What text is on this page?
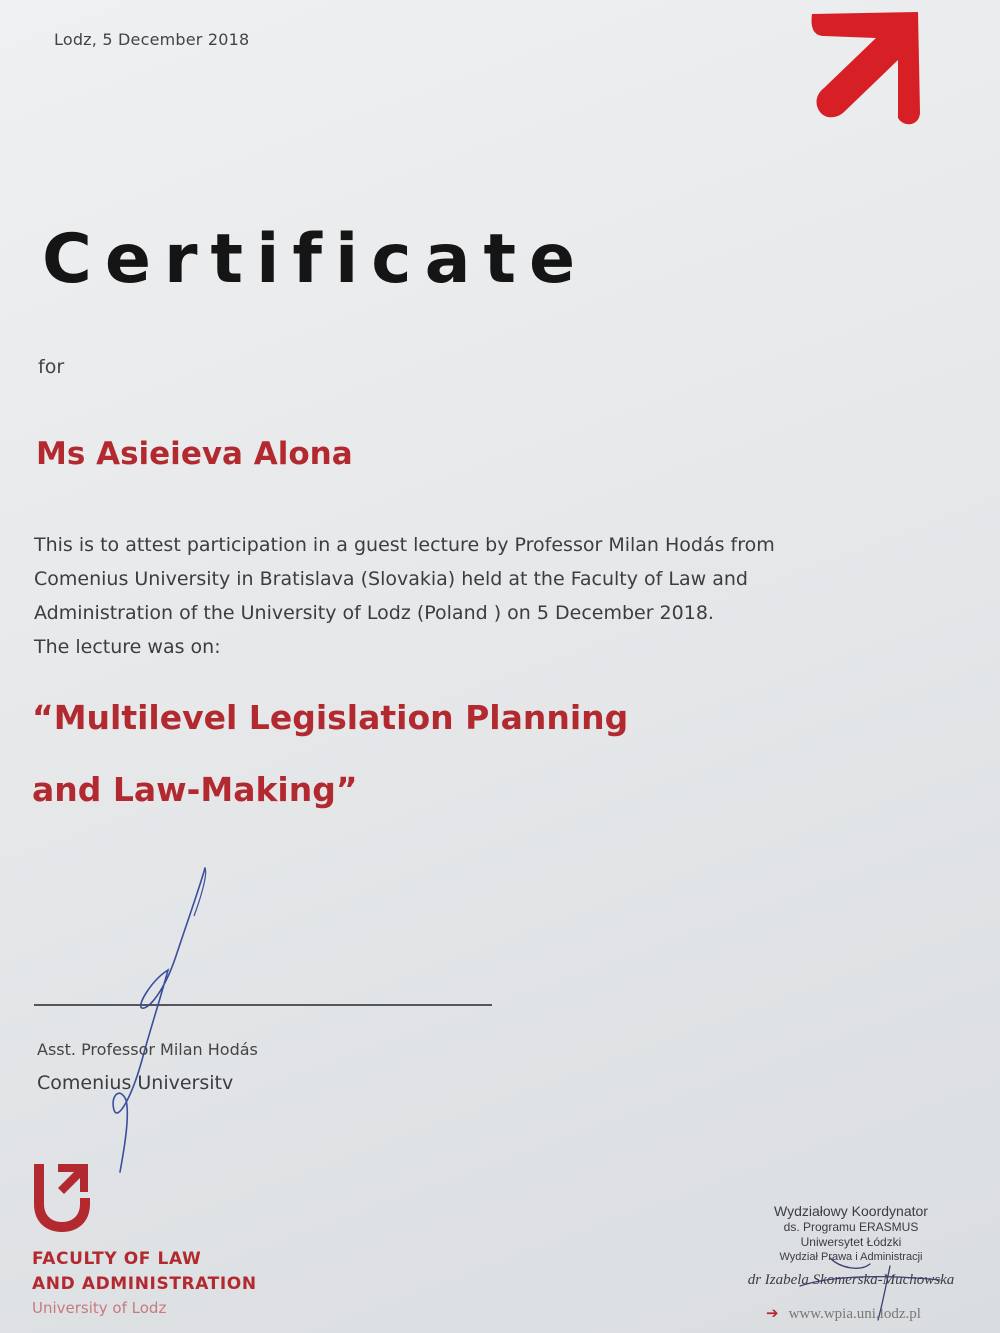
Lodz, 5 December 2018
Certificate
for
Ms Asieieva Alona
This is to attest participation in a guest lecture by Professor Milan Hodás from
Comenius University in Bratislava (Slovakia) held at the Faculty of Law and
Administration of the University of Lodz (Poland ) on 5 December 2018.
The lecture was on:
“Multilevel Legislation Planning
and Law-Making”
Asst. Professor Milan Hodás
Comenius Universitv
FACULTY OF LAW
AND ADMINISTRATION
University of Lodz
Wydziałowy Koordynator
ds. Programu ERASMUS
Uniwersytet Łódzki
Wydział Prawa i Administracji
dr Izabela Skomerska-Muchowska
➔ www.wpia.uni.lodz.pl
